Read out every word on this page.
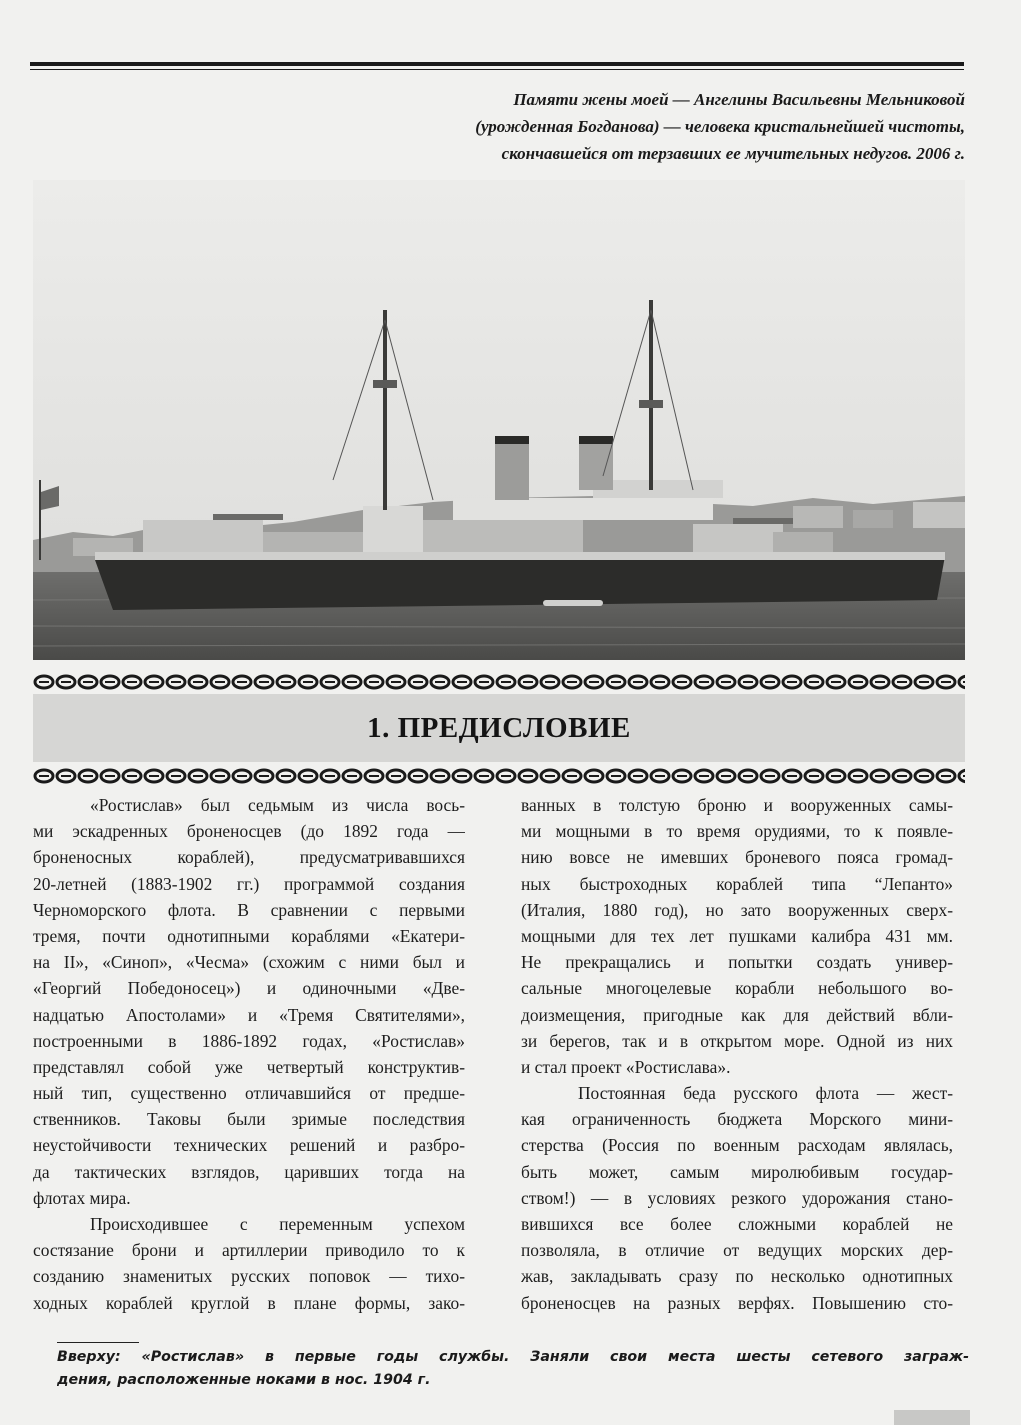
Памяти жены моей — Ангелины Васильевны Мельниковой
(урожденная Богданова) — человека кристальнейшей чистоты,
скончавшейся от терзавших ее мучительных недугов. 2006 г.
1. ПРЕДИСЛОВИЕ
«Ростислав» был седьмым из числа вось-
ми эскадренных броненосцев (до 1892 года —
броненосных кораблей), предусматривавшихся
20-летней (1883-1902 гг.) программой создания
Черноморского флота. В сравнении с первыми
тремя, почти однотипными кораблями «Екатери-
на II», «Синоп», «Чесма» (схожим с ними был и
«Георгий Победоносец») и одиночными «Две-
надцатью Апостолами» и «Тремя Святителями»,
построенными в 1886-1892 годах, «Ростислав»
представлял собой уже четвертый конструктив-
ный тип, существенно отличавшийся от предше-
ственников. Таковы были зримые последствия
неустойчивости технических решений и разбро-
да тактических взглядов, царивших тогда на
флотах мира.
Происходившее с переменным успехом
состязание брони и артиллерии приводило то к
созданию знаменитых русских поповок — тихо-
ходных кораблей круглой в плане формы, зако-
ванных в толстую броню и вооруженных самы-
ми мощными в то время орудиями, то к появле-
нию вовсе не имевших броневого пояса громад-
ных быстроходных кораблей типа “Лепанто»
(Италия, 1880 год), но зато вооруженных сверх-
мощными для тех лет пушками калибра 431 мм.
Не прекращались и попытки создать универ-
сальные многоцелевые корабли небольшого во-
доизмещения, пригодные как для действий вбли-
зи берегов, так и в открытом море. Одной из них
и стал проект «Ростислава».
Постоянная беда русского флота — жест-
кая ограниченность бюджета Морского мини-
стерства (Россия по военным расходам являлась,
быть может, самым миролюбивым государ-
ством!) — в условиях резкого удорожания стано-
вившихся все более сложными кораблей не
позволяла, в отличие от ведущих морских дер-
жав, закладывать сразу по несколько однотипных
броненосцев на разных верфях. Повышению сто-
Вверху: «Ростислав» в первые годы службы. Заняли свои места шесты сетевого заграж-
дения, расположенные ноками в нос. 1904 г.
